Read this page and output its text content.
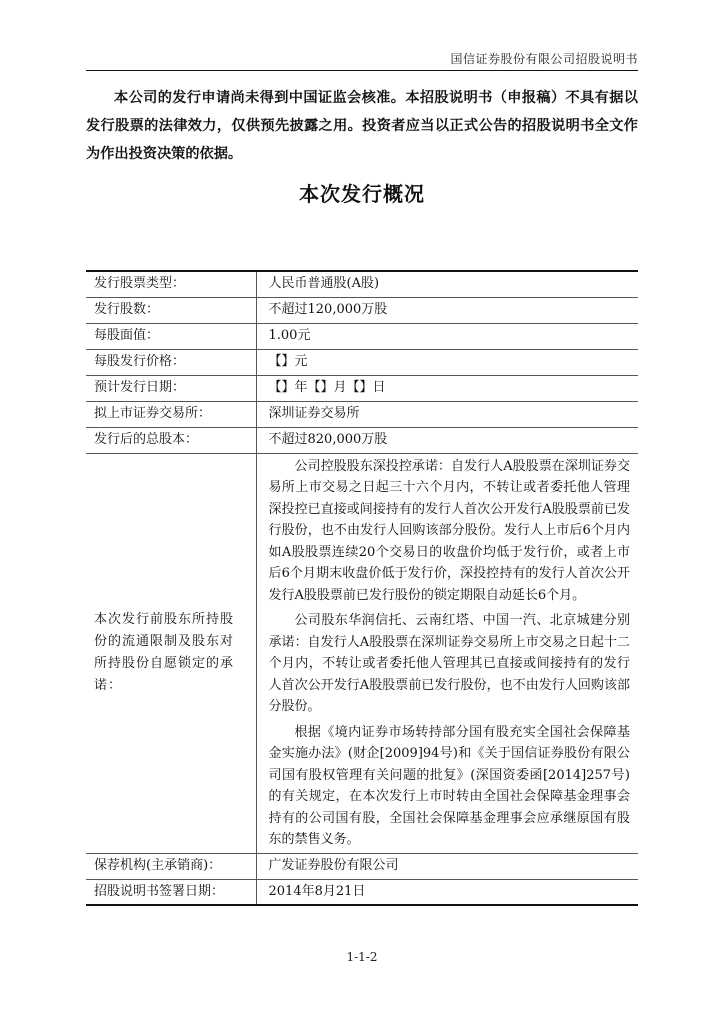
国信证券股份有限公司招股说明书

本公司的发行申请尚未得到中国证监会核准。本招股说明书（申报稿）不具有据以发行股票的法律效力，仅供预先披露之用。投资者应当以正式公告的招股说明书全文作为作出投资决策的依据。

本次发行概况
发行股票类型：	人民币普通股(A股)
发行股数：	不超过120,000万股
每股面值：	1.00元
每股发行价格：	【】元
预计发行日期：	【】年【】月【】日
拟上市证券交易所：	深圳证券交易所
发行后的总股本：	不超过820,000万股
本次发行前股东所持股份的流通限制及股东对所持股份自愿锁定的承诺：	公司控股股东深投控承诺：自发行人A股股票在深圳证券交易所上市交易之日起三十六个月内，不转让或者委托他人管理深投控已直接或间接持有的发行人首次公开发行A股股票前已发行股份，也不由发行人回购该部分股份。发行人上市后6个月内如A股股票连续20个交易日的收盘价均低于发行价，或者上市后6个月期末收盘价低于发行价，深投控持有的发行人首次公开发行A股股票前已发行股份的锁定期限自动延长6个月。

公司股东华润信托、云南红塔、中国一汽、北京城建分别承诺：自发行人A股股票在深圳证券交易所上市交易之日起十二个月内，不转让或者委托他人管理其已直接或间接持有的发行人首次公开发行A股股票前已发行股份，也不由发行人回购该部分股份。

根据《境内证券市场转持部分国有股充实全国社会保障基金实施办法》(财企[2009]94号)和《关于国信证券股份有限公司国有股权管理有关问题的批复》(深国资委函[2014]257号)的有关规定，在本次发行上市时转由全国社会保障基金理事会持有的公司国有股，全国社会保障基金理事会应承继原国有股东的禁售义务。

保荐机构(主承销商)：	广发证券股份有限公司
招股说明书签署日期：	2014年8月21日
1-1-2
